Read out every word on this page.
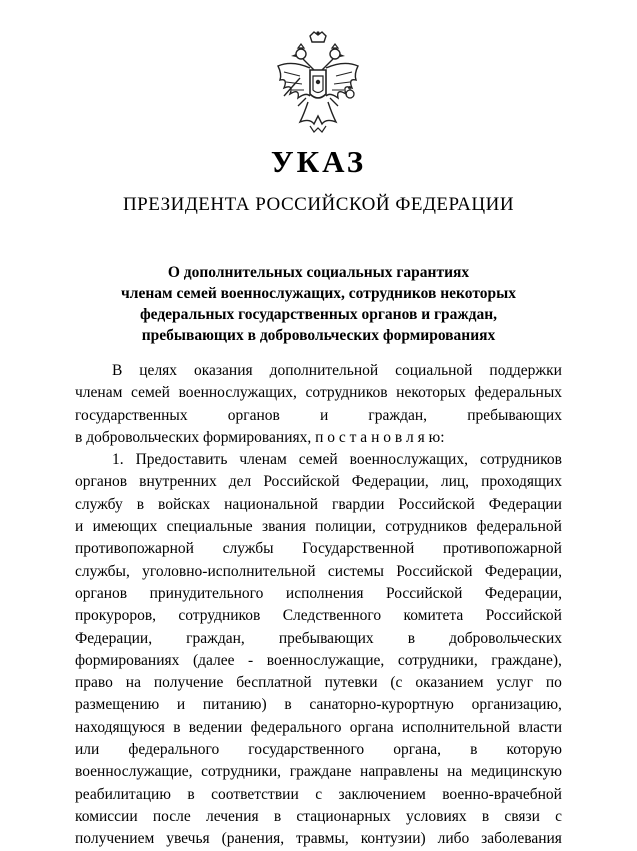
УКАЗ
ПРЕЗИДЕНТА РОССИЙСКОЙ ФЕДЕРАЦИИ
О дополнительных социальных гарантиях
членам семей военнослужащих, сотрудников некоторых
федеральных государственных органов и граждан,
пребывающих в добровольческих формированиях
В целях оказания дополнительной социальной поддержки
членам семей военнослужащих, сотрудников некоторых федеральных
государственных	органов	и	граждан,	пребывающих
в добровольческих формированиях, п о с т а н о в л я ю:
1. Предоставить членам семей военнослужащих, сотрудников
органов внутренних дел Российской Федерации, лиц, проходящих
службу в войсках национальной гвардии Российской Федерации
и имеющих специальные звания полиции, сотрудников федеральной
противопожарной службы Государственной противопожарной
службы, уголовно-исполнительной системы Российской Федерации,
органов принудительного исполнения Российской Федерации,
прокуроров, сотрудников Следственного комитета Российской
Федерации, граждан, пребывающих в добровольческих
формированиях (далее - военнослужащие, сотрудники, граждане),
право на получение бесплатной путевки (с оказанием услуг по
размещению и питанию) в санаторно-курортную организацию,
находящуюся в ведении федерального органа исполнительной власти
или федерального государственного органа, в которую
военнослужащие, сотрудники, граждане направлены на медицинскую
реабилитацию в соответствии с заключением военно-врачебной
комиссии после лечения в стационарных условиях в связи с
получением увечья (ранения, травмы, контузии) либо заболевания
